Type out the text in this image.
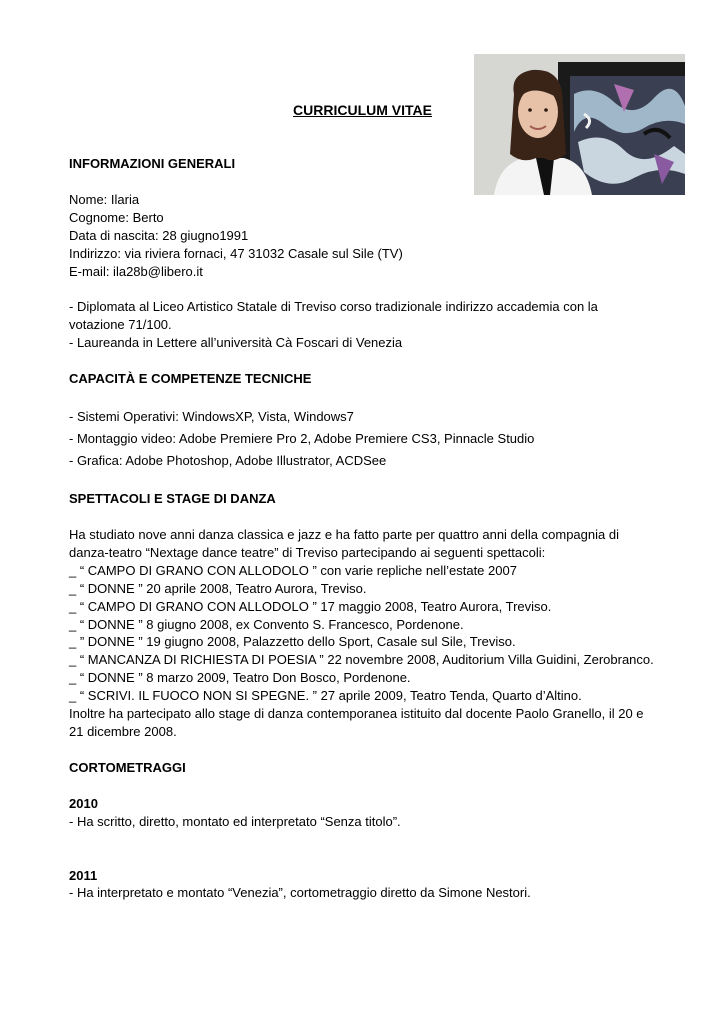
CURRICULUM VITAE
INFORMAZIONI GENERALI
Nome: Ilaria
Cognome: Berto
Data di nascita: 28 giugno1991
Indirizzo: via riviera fornaci, 47 31032 Casale sul Sile (TV)
E-mail: ila28b@libero.it
- Diplomata al Liceo Artistico Statale di Treviso corso tradizionale indirizzo accademia con la votazione 71/100.
- Laureanda in Lettere all’università Cà Foscari di Venezia
CAPACITÀ E COMPETENZE TECNICHE
- Sistemi Operativi: WindowsXP, Vista, Windows7
- Montaggio video: Adobe Premiere Pro 2, Adobe Premiere CS3, Pinnacle Studio
- Grafica: Adobe Photoshop, Adobe Illustrator, ACDSee
SPETTACOLI E STAGE DI DANZA
Ha studiato nove anni danza classica e jazz e ha fatto parte per quattro anni della compagnia di danza-teatro “Nextage dance teatre” di Treviso partecipando ai seguenti spettacoli:
_ “ CAMPO DI GRANO CON ALLODOLO ” con varie repliche nell’estate 2007
_ “ DONNE ” 20 aprile 2008, Teatro Aurora, Treviso.
_ “ CAMPO DI GRANO CON ALLODOLO ” 17 maggio 2008, Teatro Aurora, Treviso.
_ “ DONNE ” 8 giugno 2008, ex Convento S. Francesco, Pordenone.
_ ” DONNE ” 19 giugno 2008, Palazzetto dello Sport, Casale sul Sile, Treviso.
_ “ MANCANZA DI RICHIESTA DI POESIA ” 22 novembre 2008, Auditorium Villa Guidini, Zerobranco.
_ “ DONNE ” 8 marzo 2009, Teatro Don Bosco, Pordenone.
_ “ SCRIVI. IL FUOCO NON SI SPEGNE. ” 27 aprile 2009, Teatro Tenda, Quarto d’Altino.
Inoltre ha partecipato allo stage di danza contemporanea istituito dal docente Paolo Granello, il 20 e 21 dicembre 2008.
CORTOMETRAGGI
2010
- Ha scritto, diretto, montato ed interpretato “Senza titolo”.
2011
- Ha interpretato e montato “Venezia”, cortometraggio diretto da Simone Nestori.
